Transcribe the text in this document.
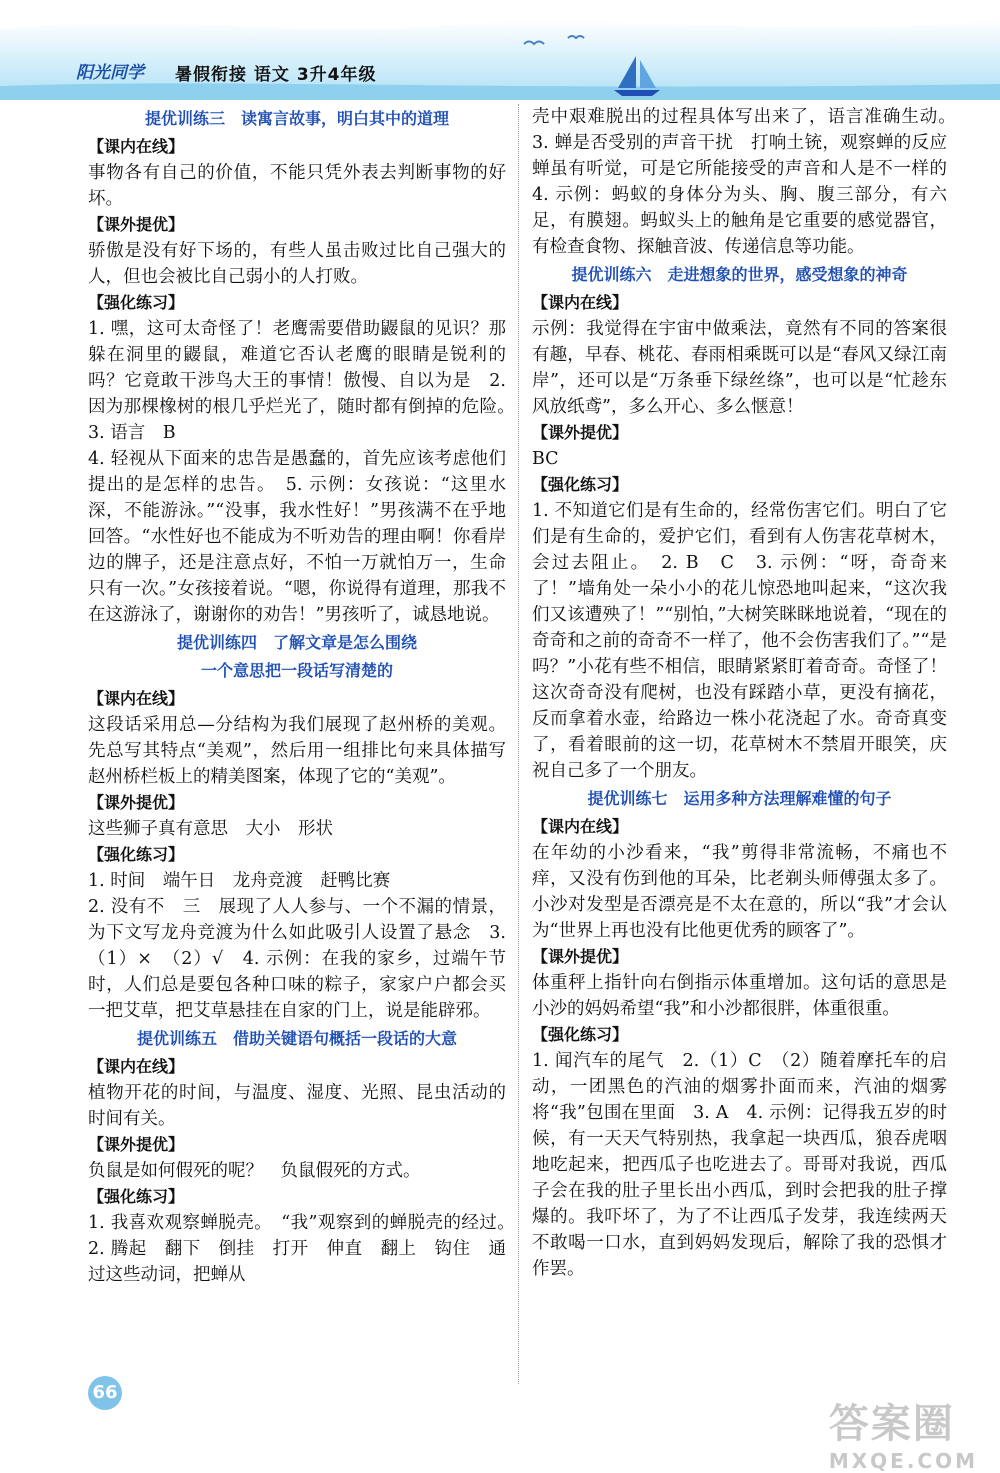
阳光同学 暑假衔接 语文 3升4年级
提优训练三　读寓言故事，明白其中的道理
【课内在线】

事物各有自己的价值，不能只凭外表去判断事物的好坏。

【课外提优】

骄傲是没有好下场的，有些人虽击败过比自己强大的人，但也会被比自己弱小的人打败。

【强化练习】

1. 嘿，这可太奇怪了！老鹰需要借助鼹鼠的见识？那躲在洞里的鼹鼠，难道它否认老鹰的眼睛是锐利的吗？它竟敢干涉鸟大王的事情！傲慢、自以为是　2. 因为那棵橡树的根几乎烂光了，随时都有倒掉的危险。　3. 语言　B

4. 轻视从下面来的忠告是愚蠢的，首先应该考虑他们提出的是怎样的忠告。　5. 示例：女孩说：“这里水深，不能游泳。”“没事，我水性好！”男孩满不在乎地回答。“水性好也不能成为不听劝告的理由啊！你看岸边的牌子，还是注意点好，不怕一万就怕万一，生命只有一次。”女孩接着说。“嗯，你说得有道理，那我不在这游泳了，谢谢你的劝告！”男孩听了，诚恳地说。

提优训练四　了解文章是怎么围绕
一个意思把一段话写清楚的
【课内在线】

这段话采用总—分结构为我们展现了赵州桥的美观。先总写其特点“美观”，然后用一组排比句来具体描写赵州桥栏板上的精美图案，体现了它的“美观”。

【课外提优】

这些狮子真有意思　大小　形状

【强化练习】

1. 时间　端午日　龙舟竞渡　赶鸭比赛

2. 没有不　三　展现了人人参与、一个不漏的情景，为下文写龙舟竞渡为什么如此吸引人设置了悬念　3.（1）×　（2）√　4. 示例：在我的家乡，过端午节时，人们总是要包各种口味的粽子，家家户户都会买一把艾草，把艾草悬挂在自家的门上，说是能辟邪。

提优训练五　借助关键语句概括一段话的大意
【课内在线】

植物开花的时间，与温度、湿度、光照、昆虫活动的时间有关。

【课外提优】

负鼠是如何假死的呢？　负鼠假死的方式。

【强化练习】

1. 我喜欢观察蝉脱壳。　“我”观察到的蝉脱壳的经过。　2. 腾起　翻下　倒挂　打开　伸直　翻上　钩住　通过这些动词，把蝉从

壳中艰难脱出的过程具体写出来了，语言准确生动。　3. 蝉是否受别的声音干扰　打响土铳，观察蝉的反应　蝉虽有听觉，可是它所能接受的声音和人是不一样的　4. 示例：蚂蚁的身体分为头、胸、腹三部分，有六足，有膜翅。蚂蚁头上的触角是它重要的感觉器官，有检查食物、探触音波、传递信息等功能。

提优训练六　走进想象的世界，感受想象的神奇
【课内在线】

示例：我觉得在宇宙中做乘法，竟然有不同的答案很有趣，早春、桃花、春雨相乘既可以是“春风又绿江南岸”，还可以是“万条垂下绿丝绦”，也可以是“忙趁东风放纸鸢”，多么开心、多么惬意！

【课外提优】

BC

【强化练习】

1. 不知道它们是有生命的，经常伤害它们。明白了它们是有生命的，爱护它们，看到有人伤害花草树木，会过去阻止。　2. B　C　3. 示例：“呀，奇奇来了！”墙角处一朵小小的花儿惊恐地叫起来，“这次我们又该遭殃了！”“别怕，”大树笑眯眯地说着，“现在的奇奇和之前的奇奇不一样了，他不会伤害我们了。”“是吗？”小花有些不相信，眼睛紧紧盯着奇奇。奇怪了！这次奇奇没有爬树，也没有踩踏小草，更没有摘花，反而拿着水壶，给路边一株小花浇起了水。奇奇真变了，看着眼前的这一切，花草树木不禁眉开眼笑，庆祝自己多了一个朋友。

提优训练七　运用多种方法理解难懂的句子
【课内在线】

在年幼的小沙看来，“我”剪得非常流畅，不痛也不痒，又没有伤到他的耳朵，比老剃头师傅强太多了。小沙对发型是否漂亮是不太在意的，所以“我”才会认为“世界上再也没有比他更优秀的顾客了”。

【课外提优】

体重秤上指针向右倒指示体重增加。这句话的意思是小沙的妈妈希望“我”和小沙都很胖，体重很重。

【强化练习】

1. 闻汽车的尾气　2.（1）C　（2）随着摩托车的启动，一团黑色的汽油的烟雾扑面而来，汽油的烟雾将“我”包围在里面　3. A　4. 示例：记得我五岁的时候，有一天天气特别热，我拿起一块西瓜，狼吞虎咽地吃起来，把西瓜子也吃进去了。哥哥对我说，西瓜子会在我的肚子里长出小西瓜，到时会把我的肚子撑爆的。我吓坏了，为了不让西瓜子发芽，我连续两天不敢喝一口水，直到妈妈发现后，解除了我的恐惧才作罢。

66
答案圈
MXQE.COM
